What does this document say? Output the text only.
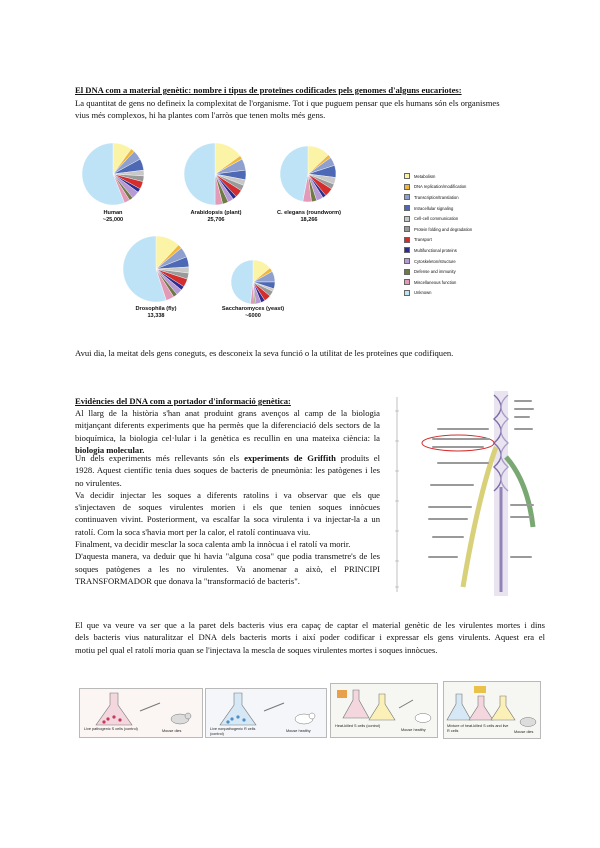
El DNA com a material genètic: nombre i tipus de proteïnes codificades pels genomes d'alguns eucariotes:
La quantitat de gens no defineix la complexitat de l'organisme. Tot i que puguem pensar que els humans són els organismes
vius més complexos, hi ha plantes com l'arròs que tenen molts més gens.
Human
~25,000
Arabidopsis (plant)
25,706
C. elegans (roundworm)
18,266
Drosophila (fly)
13,338
Saccharomyces (yeast)
~6000
Metabolism
DNA replication/modification
Transcription/translation
Intracellular signaling
Cell-cell communication
Protein folding and degradation
Transport
Multifunctional proteins
Cytoskeleton/structure
Defense and immunity
Miscellaneous function
Unknown
Avui dia, la meitat dels gens coneguts, es desconeix la seva funció o la utilitat de les proteïnes que codifiquen.
Evidències del DNA com a portador d'informació genètica:
Al llarg de la història s'han anat produint grans avenços al camp de la biologia
mitjançant diferents experiments que ha permès que la diferenciació dels sectors de la
bioquímica, la biologia cel·lular i la genètica es recullin en una mateixa ciència: la
biologia molecular.
Un dels experiments més rellevants són els experiments de Griffith produïts el
1928. Aquest científic tenia dues soques de bacteris de pneumònia: les patògenes i les
no virulentes.
Va decidir injectar les soques a diferents ratolins i va observar que els que
s'injectaven de soques virulentes morien i els que tenien soques innòcues
continuaven vivint. Posteriorment, va escalfar la soca virulenta i va injectar-la a un
ratolí. Com la soca s'havia mort per la calor, el ratolí continuava viu.
Finalment, va decidir mesclar la soca calenta amb la innòcua i el ratolí va morir.
D'aquesta manera, va deduir que hi havia "alguna cosa" que podia transmetre's de les
soques patògenes a les no virulentes. Va anomenar a això, el PRINCIPI
TRANSFORMADOR que donava la "transformació de bacteris".
El que va veure va ser que a la paret dels bacteris vius era capaç de captar el material genètic de les virulentes mortes i dins
dels bacteris vius naturalitzar el DNA dels bacteris morts i així poder codificar i expressar els gens virulents. Aquest era el
motiu pel qual el ratolí moria quan se l'injectava la mescla de soques virulentes mortes i soques innòcues.
Live pathogenic S cells (control)	Mouse dies	Live nonpathogenic R cells (control)
Mouse healthy
Heat-killed S cells (control)
Mouse healthy
Mixture of heat-killed S cells and live R cells	Mouse dies
